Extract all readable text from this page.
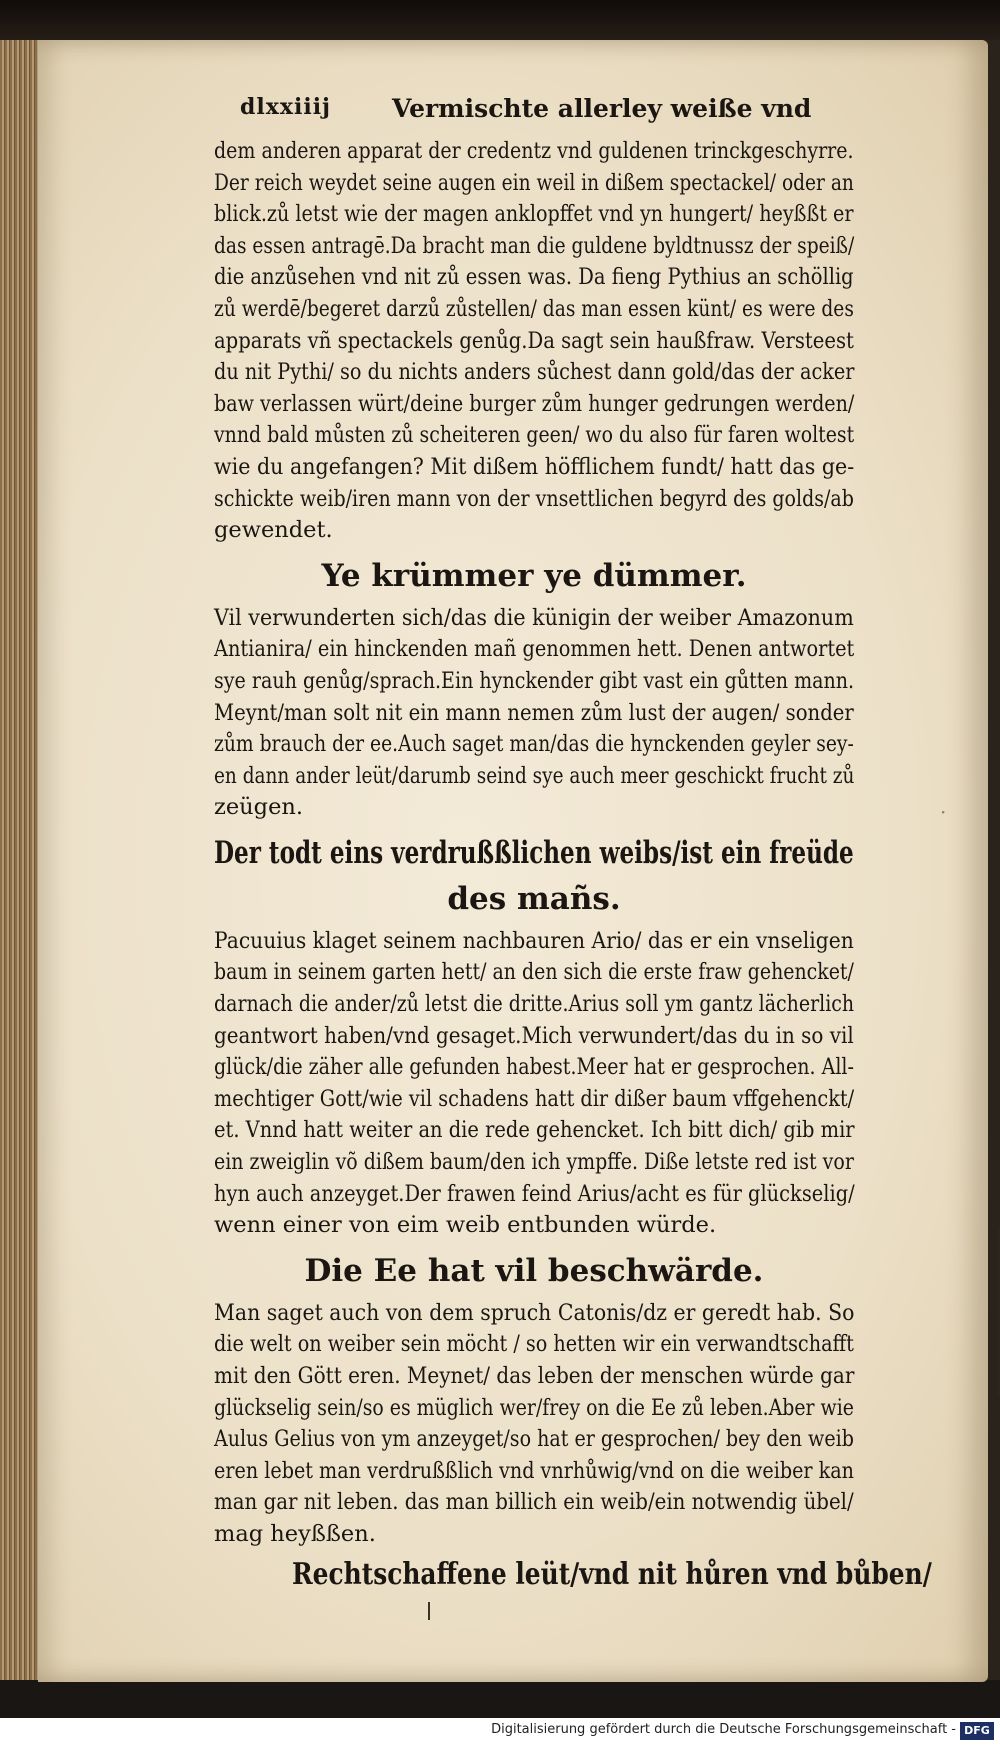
·
dlxxiiij Vermischte allerley weiße vnd
dem anderen apparat der credentz vnd guldenen trinckgeschyrre.
Der reich weydet seine augen ein weil in dißem spectackel/ oder an
blick.zů letst wie der magen anklopffet vnd yn hungert/ heyßßt er
das essen antragē.Da bracht man die guldene byldtnussz der speiß/
die anzůsehen vnd nit zů essen was. Da fieng Pythius an schöllig
zů werdē/begeret darzů zůstellen/ das man essen künt/ es were des
apparats vñ spectackels genůg.Da sagt sein haußfraw. Versteest
du nit Pythi/ so du nichts anders sůchest dann gold/das der acker
baw verlassen würt/deine burger zům hunger gedrungen werden/
vnnd bald můsten zů scheiteren geen/ wo du also für faren woltest
wie du angefangen? Mit dißem höfflichem fundt/ hatt das ge-
schickte weib/iren mann von der vnsettlichen begyrd des golds/ab
gewendet.
Ye krümmer ye dümmer.
Vil verwunderten sich/das die künigin der weiber Amazonum
Antianira/ ein hinckenden mañ genommen hett. Denen antwortet
sye rauh genůg/sprach.Ein hynckender gibt vast ein gůtten mann.
Meynt/man solt nit ein mann nemen zům lust der augen/ sonder
zům brauch der ee.Auch saget man/das die hynckenden geyler sey-
en dann ander leüt/darumb seind sye auch meer geschickt frucht zů
zeügen.
Der todt eins verdrußßlichen weibs/ist ein freüde
des mañs.
Pacuuius klaget seinem nachbauren Ario/ das er ein vnseligen
baum in seinem garten hett/ an den sich die erste fraw gehencket/
darnach die ander/zů letst die dritte.Arius soll ym gantz lächerlich
geantwort haben/vnd gesaget.Mich verwundert/das du in so vil
glück/die zäher alle gefunden habest.Meer hat er gesprochen. All-
mechtiger Gott/wie vil schadens hatt dir dißer baum vffgehenckt/
et. Vnnd hatt weiter an die rede gehencket. Ich bitt dich/ gib mir
ein zweiglin võ dißem baum/den ich ympffe. Diße letste red ist vor
hyn auch anzeyget.Der frawen feind Arius/acht es für glückselig/
wenn einer von eim weib entbunden würde.
Die Ee hat vil beschwärde.
Man saget auch von dem spruch Catonis/dz er geredt hab. So
die welt on weiber sein möcht / so hetten wir ein verwandtschafft
mit den Gött eren. Meynet/ das leben der menschen würde gar
glückselig sein/so es müglich wer/frey on die Ee zů leben.Aber wie
Aulus Gelius von ym anzeyget/so hat er gesprochen/ bey den weib
eren lebet man verdrußßlich vnd vnrhůwig/vnd on die weiber kan
man gar nit leben. das man billich ein weib/ein notwendig übel/
mag heyßßen.
Rechtschaffene leüt/vnd nit hůren vnd bůben/
Digitalisierung gefördert durch die Deutsche Forschungsgemeinschaft - DFG
